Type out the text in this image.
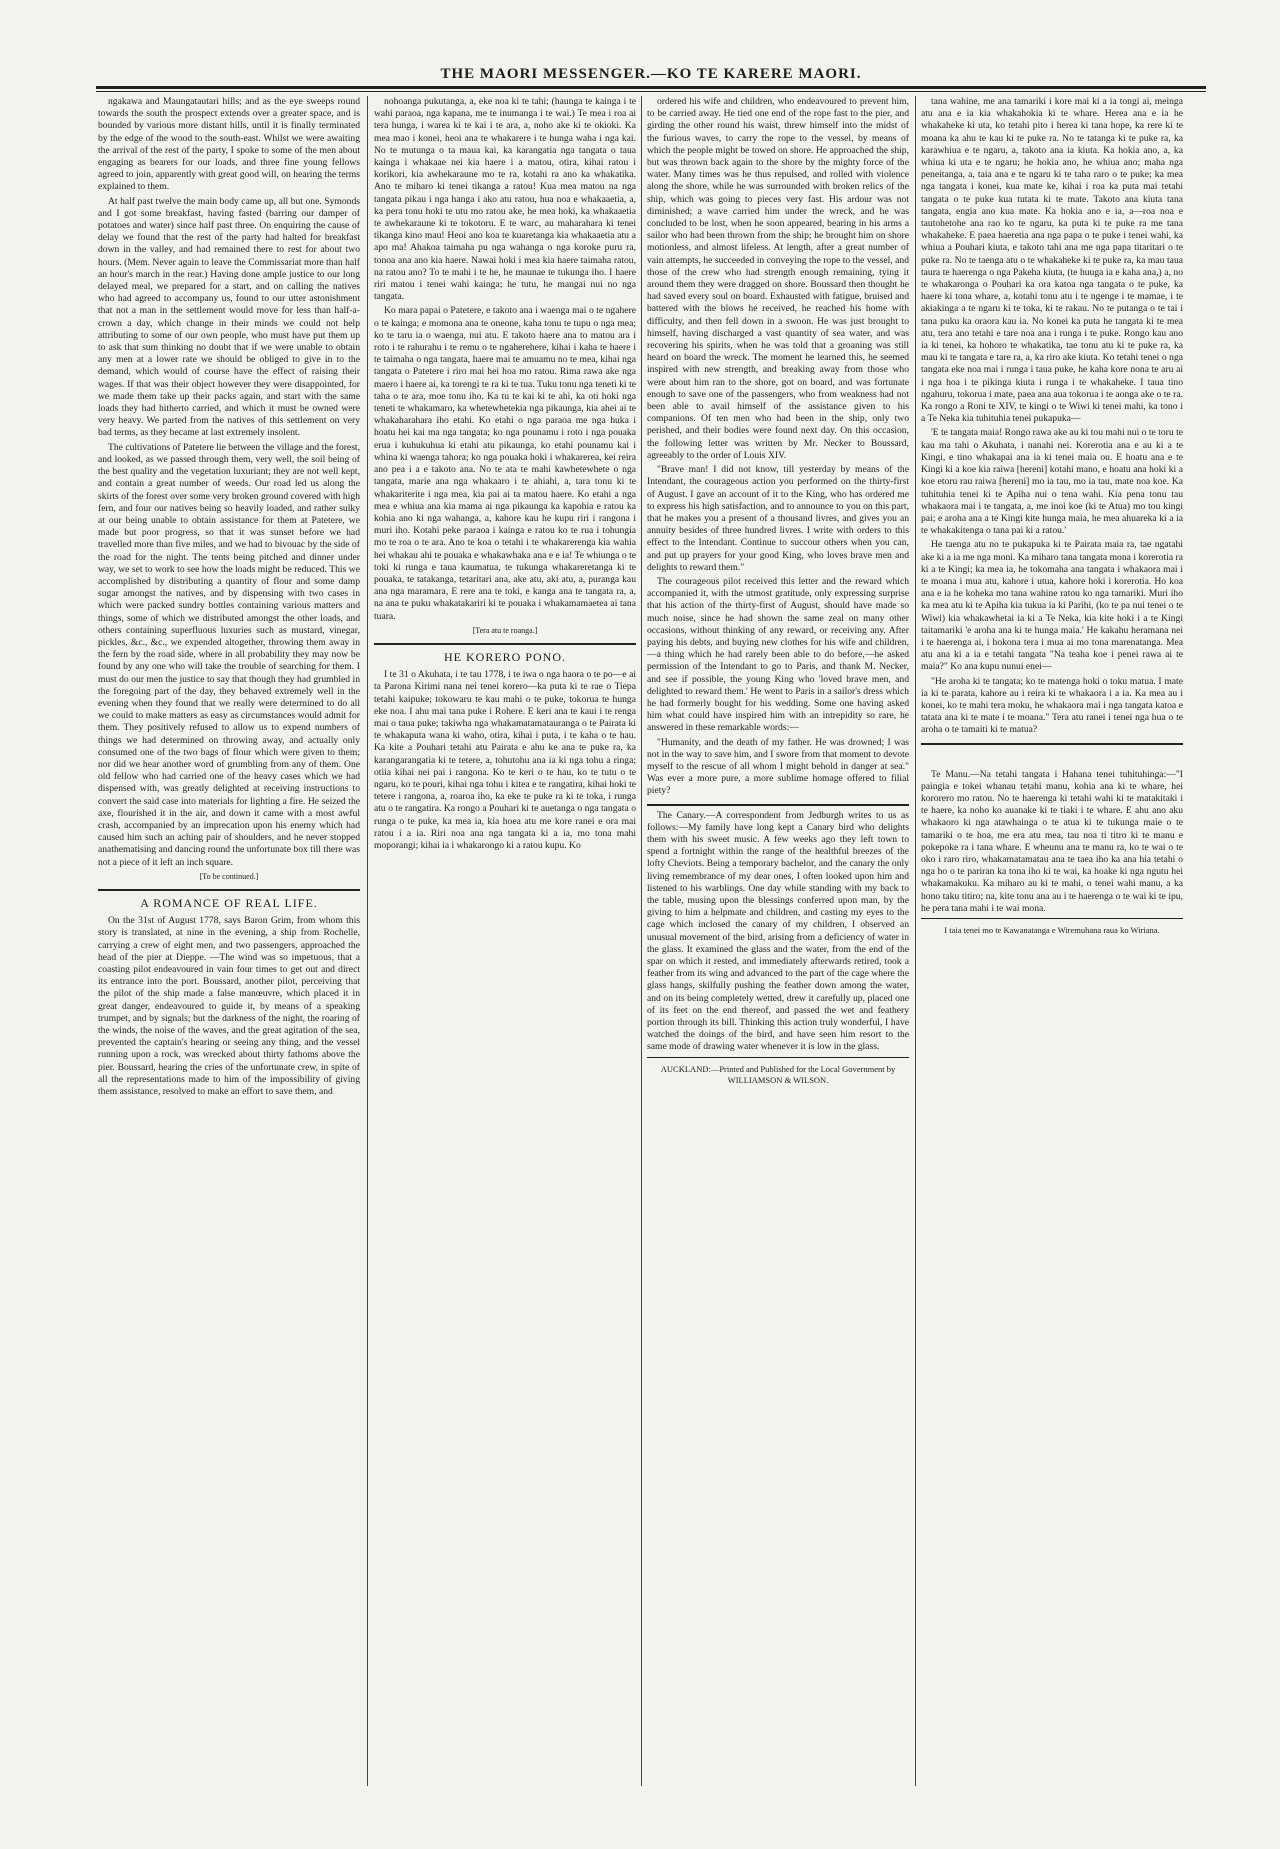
THE MAORI MESSENGER.—KO TE KARERE MAORI.

ngakawa and Maungatautari hills; and as the eye sweeps round towards the south the prospect extends over a greater space, and is bounded by various more distant hills, until it is finally terminated by the edge of the wood to the south-east. Whilst we were awaiting the arrival of the rest of the party, I spoke to some of the men about engaging as bearers for our loads, and three fine young fellows agreed to join, apparently with great good will, on hearing the terms explained to them.

At half past twelve the main body came up, all but one. Symonds and I got some breakfast, having fasted (barring our damper of potatoes and water) since half past three. On enquiring the cause of delay we found that the rest of the party had halted for breakfast down in the valley, and had remained there to rest for about two hours. (Mem. Never again to leave the Commissariat more than half an hour's march in the rear.) Having done ample justice to our long delayed meal, we prepared for a start, and on calling the natives who had agreed to accompany us, found to our utter astonishment that not a man in the settlement would move for less than half-a-crown a day, which change in their minds we could not help attributing to some of our own people, who must have put them up to ask that sum thinking no doubt that if we were unable to obtain any men at a lower rate we should be obliged to give in to the demand, which would of course have the effect of raising their wages. If that was their object however they were disappointed, for we made them take up their packs again, and start with the same loads they had hitherto carried, and which it must be owned were very heavy. We parted from the natives of this settlement on very bad terms, as they became at last extremely insolent.

The cultivations of Patetere lie between the village and the forest, and looked, as we passed through them, very well, the soil being of the best quality and the vegetation luxuriant; they are not well kept, and contain a great number of weeds. Our road led us along the skirts of the forest over some very broken ground covered with high fern, and four our natives being so heavily loaded, and rather sulky at our being unable to obtain assistance for them at Patetere, we made but poor progress, so that it was sunset before we had travelled more than five miles, and we had to bivouac by the side of the road for the night. The tents being pitched and dinner under way, we set to work to see how the loads might be reduced. This we accomplished by distributing a quantity of flour and some damp sugar amongst the natives, and by dispensing with two cases in which were packed sundry bottles containing various matters and things, some of which we distributed amongst the other loads, and others containing superfluous luxuries such as mustard, vinegar, pickles, &c., &c., we expended altogether, throwing them away in the fern by the road side, where in all probability they may now be found by any one who will take the trouble of searching for them. I must do our men the justice to say that though they had grumbled in the foregoing part of the day, they behaved extremely well in the evening when they found that we really were determined to do all we could to make matters as easy as circumstances would admit for them. They positively refused to allow us to expend numbers of things we had determined on throwing away, and actually only consumed one of the two bags of flour which were given to them; nor did we hear another word of grumbling from any of them. One old fellow who had carried one of the heavy cases which we had dispensed with, was greatly delighted at receiving instructions to convert the said case into materials for lighting a fire. He seized the axe, flourished it in the air, and down it came with a most awful crash, accompanied by an imprecation upon his enemy which had caused him such an aching pair of shoulders, and he never stopped anathematising and dancing round the unfortunate box till there was not a piece of it left an inch square.

[To be continued.]
A ROMANCE OF REAL LIFE.

On the 31st of August 1778, says Baron Grim, from whom this story is translated, at nine in the evening, a ship from Rochelle, carrying a crew of eight men, and two passengers, approached the head of the pier at Dieppe. —The wind was so impetuous, that a coasting pilot endeavoured in vain four times to get out and direct its entrance into the port. Boussard, another pilot, perceiving that the pilot of the ship made a false manœuvre, which placed it in great danger, endeavoured to guide it, by means of a speaking trumpet, and by signals; but the darkness of the night, the roaring of the winds, the noise of the waves, and the great agitation of the sea, prevented the captain's hearing or seeing any thing, and the vessel running upon a rock, was wrecked about thirty fathoms above the pier. Boussard, hearing the cries of the unfortunate crew, in spite of all the representations made to him of the impossibility of giving them assistance, resolved to make an effort to save them, and

nohoanga pukutanga, a, eke noa ki te tahi; (haunga te kainga i te wahi paraoa, nga kapana, me te inumanga i te wai.) Te mea i roa ai tera hunga, i warea ki te kai i te ara, a, noho ake ki te okioki. Ka mea mao i konei, heoi ana te whakarere i te hunga waha i nga kai. No te mutunga o ta maua kai, ka karangatia nga tangata o taua kainga i whakaae nei kia haere i a matou, otira, kihai ratou i korikori, kia awhekaraune mo te ra, kotahi ra ano ka whakatika. Ano te miharo ki tenei tikanga a ratou! Kua mea matou na nga tangata pikau i nga hanga i ako atu ratou, hua noa e whakaaetia, a, ka pera tonu hoki te utu mo ratou ake, he mea hoki, ka whakaaetia te awhekaraune ki te tokotoru. E te warc, au maharahara ki tenei tikanga kino mau! Heoi ano koa te kuaretanga kia whakaaetia atu a apo ma! Ahakoa taimaha pu nga wahanga o nga koroke puru ra, tonoa ana ano kia haere. Nawai hoki i mea kia haere taimaha ratou, na ratou ano? To te mahi i te he, he maunae te tukunga iho. I haere riri matou i tenei wahi kainga; he tutu, he mangai nui no nga tangata.

Ko mara papai o Patetere, e takoto ana i waenga mai o te ngahere o te kainga; e momona ana te oneone, kaha tonu te tupu o nga mea; ko te taru ia o waenga, nui atu. E takoto haere ana to matou ara i roto i te rahurahu i te remu o te ngaherehere, kihai i kaha te haere i te taimaha o nga tangata, haere mai te amuamu no te mea, kihai nga tangata o Patetere i riro mai hei hoa mo ratou. Rima rawa ake nga maero i haere ai, ka torengi te ra ki te tua. Tuku tonu nga teneti ki te taha o te ara, moe tonu iho. Ka tu te kai ki te ahi, ka oti hoki nga teneti te whakamaro, ka whetewhetekia nga pikaunga, kia ahei ai te whakaharahara iho etahi. Ko etahi o nga paraoa me nga huka i hoatu hei kai ma nga tangata; ko nga pounamu i roto i nga pouaka erua i kuhukuhua ki etahi atu pikaunga, ko etahi pounamu kai i whina ki waenga tahora; ko nga pouaka hoki i whakarerea, kei reira ano pea i a e takoto ana. No te ata te mahi kawhetewhete o nga tangata, marie ana nga whakaaro i te ahiahi, a, tara tonu ki te whakariterite i nga mea, kia pai ai ta matou haere. Ko etahi a nga mea e whiua ana kia mama ai nga pikaunga ka kapohia e ratou ka kohia ano ki nga wahanga, a, kahore kau he kupu riri i rangona i muri iho. Kotahi peke paraoa i kainga e ratou ko te rua i tohungia mo te roa o te ara. Ano te koa o tetahi i te whakarerenga kia wahia hei whakau ahi te pouaka e whakawhaka ana e e ia! Te whiunga o te toki ki runga e taua kaumatua, te tukunga whakareretanga ki te pouaka, te tatakanga, tetaritari ana, ake atu, aki atu, a, puranga kau ana nga maramara, E rere ana te toki, e kanga ana te tangata ra, a, na ana te puku whakatakariri ki te pouaka i whakamamaetea ai tana tuara.

[Tera atu te roanga.]
HE KORERO PONO.

I te 31 o Akuhata, i te tau 1778, i te iwa o nga haora o te po—e ai ta Parona Kirimi nana nei tenei korero—ka puta ki te rae o Tiepa tetahi kaipuke; tokowaru te kau mahi o te puke, tokorua te hunga eke noa. I ahu mai tana puke i Rohere. E keri ana te kaui i te renga mai o taua puke; takiwha nga whakamatamatauranga o te Pairata ki te whakaputa wana ki waho, otira, kihai i puta, i te kaha o te hau. Ka kite a Pouhari tetahi atu Pairata e ahu ke ana te puke ra, ka karangarangatia ki te tetere, a, tohutohu ana ia ki nga tohu a ringa; otiia kihai nei pai i rangona. Ko te keri o te hau, ko te tutu o te ngaru, ko te pouri, kihai nga tohu i kitea e te rangatira, kihai hoki te tetere i rangona, a, roaroa iho, ka eke te puke ra ki te toka, i runga atu o te rangatira. Ka rongo a Pouhari ki te auetanga o nga tangata o runga o te puke, ka mea ia, kia hoea atu me kore ranei e ora mai ratou i a ia. Riri noa ana nga tangata ki a ia, mo tona mahi moporangi; kihai ia i whakarongo ki a ratou kupu. Ko

ordered his wife and children, who endeavoured to prevent him, to be carried away. He tied one end of the rope fast to the pier, and girding the other round his waist, threw himself into the midst of the furious waves, to carry the rope to the vessel, by means of which the people might be towed on shore. He approached the ship, but was thrown back again to the shore by the mighty force of the water. Many times was he thus repulsed, and rolled with violence along the shore, while he was surrounded with broken relics of the ship, which was going to pieces very fast. His ardour was not diminished; a wave carried him under the wreck, and he was concluded to be lost, when he soon appeared, bearing in his arms a sailor who had been thrown from the ship; he brought him on shore motionless, and almost lifeless. At length, after a great number of vain attempts, he succeeded in conveying the rope to the vessel, and those of the crew who had strength enough remaining, tying it around them they were dragged on shore. Boussard then thought he had saved every soul on board. Exhausted with fatigue, bruised and battered with the blows he received, he reached his home with difficulty, and then fell down in a swoon. He was just brought to himself, having discharged a vast quantity of sea water, and was recovering his spirits, when he was told that a groaning was still heard on board the wreck. The moment he learned this, he seemed inspired with new strength, and breaking away from those who were about him ran to the shore, got on board, and was fortunate enough to save one of the passengers, who from weakness had not been able to avail himself of the assistance given to his companions. Of ten men who had been in the ship, only two perished, and their bodies were found next day. On this occasion, the following letter was written by Mr. Necker to Boussard, agreeably to the order of Louis XIV.

"Brave man! I did not know, till yesterday by means of the Intendant, the courageous action you performed on the thirty-first of August. I gave an account of it to the King, who has ordered me to express his high satisfaction, and to announce to you on this part, that he makes you a present of a thousand livres, and gives you an annuity besides of three hundred livres. I write with orders to this effect to the Intendant. Continue to succour others when you can, and put up prayers for your good King, who loves brave men and delights to reward them."

The courageous pilot received this letter and the reward which accompanied it, with the utmost gratitude, only expressing surprise that his action of the thirty-first of August, should have made so much noise, since he had shown the same zeal on many other occasions, without thinking of any reward, or receiving any. After paying his debts, and buying new clothes for his wife and children,—a thing which he had rarely been able to do before,—he asked permission of the Intendant to go to Paris, and thank M. Necker, and see if possible, the young King who 'loved brave men, and delighted to reward them.' He went to Paris in a sailor's dress which he had formerly bought for his wedding. Some one having asked him what could have inspired him with an intrepidity so rare, he answered in these remarkable words:—

"Humanity, and the death of my father. He was drowned; I was not in the way to save him, and I swore from that moment to devote myself to the rescue of all whom I might behold in danger at sea." Was ever a more pure, a more sublime homage offered to filial piety?

The Canary.—A correspondent from Jedburgh writes to us as follows:—My family have long kept a Canary bird who delights them with his sweet music. A few weeks ago they left town to spend a fortnight within the range of the healthful breezes of the lofty Cheviots. Being a temporary bachelor, and the canary the only living remembrance of my dear ones, I often looked upon him and listened to his warblings. One day while standing with my back to the table, musing upon the blessings conferred upon man, by the giving to him a helpmate and children, and casting my eyes to the cage which inclosed the canary of my children, I observed an unusual movement of the bird, arising from a deficiency of water in the glass. It examined the glass and the water, from the end of the spar on which it rested, and immediately afterwards retired, took a feather from its wing and advanced to the part of the cage where the glass hangs, skilfully pushing the feather down among the water, and on its being completely wetted, drew it carefully up, placed one of its feet on the end thereof, and passed the wet and feathery portion through its bill. Thinking this action truly wonderful, I have watched the doings of the bird, and have seen him resort to the same mode of drawing water whenever it is low in the glass.

AUCKLAND:—Printed and Published for the Local Government by WILLIAMSON & WILSON.

tana wahine, me ana tamariki i kore mai ki a ia tongi ai, meinga atu ana e ia kia whakahokia ki te whare. Herea ana e ia he whakaheke ki uta, ko tetahi pito i herea ki tana hope, ka rere ki te moana ka ahu te kau ki te puke ra. No te tatanga ki te puke ra, ka karawhiua e te ngaru, a, takoto ana ia kiuta. Ka hokia ano, a, ka whiua ki uta e te ngaru; he hokia ano, he whiua ano; maha nga peneitanga, a, taia ana e te ngaru ki te taha raro o te puke; ka mea nga tangata i konei, kua mate ke, kihai i roa ka puta mai tetahi tangata o te puke kua tutata ki te mate. Takoto ana kiuta tana tangata, engia ano kua mate. Ka hokia ano e ia, a—roa noa e tautohetohe ana rao ko te ngaru, ka puta ki te puke ra me tana whakaheke. E paea haeretia ana nga papa o te puke i tenei wahi, ka whiua a Pouhari kiuta, e takoto tahi ana me nga papa titaritari o te puke ra. No te taenga atu o te whakaheke ki te puke ra, ka mau taua taura te haerenga o nga Pakeha kiuta, (te huuga ia e kaha ana,) a, no te whakaronga o Pouhari ka ora katoa nga tangata o te puke, ka haere ki tona whare, a, kotahi tonu atu i te ngenge i te mamae, i te akiakinga a te ngaru ki te toka, ki te rakau. No te putanga o te tai i tana puku ka oraora kau ia. No konei ka puta he tangata ki te mea atu, tera ano tetahi e tare noa ana i runga i te puke. Rongo kau ano ia ki tenei, ka hohoro te whakatika, tae tonu atu ki te puke ra, ka mau ki te tangata e tare ra, a, ka riro ake kiuta. Ko tetahi tenei o nga tangata eke noa mai i runga i taua puke, he kaha kore nona te aru ai i nga hoa i te pikinga kiuta i runga i te whakaheke. I taua tino ngahuru, tokorua i mate, paea ana aua tokorua i te aonga ake o te ra. Ka rongo a Roni te XIV, te kingi o te Wiwi ki tenei mahi, ka tono i a Te Neka kia tuhituhia tenei pukapuka—

'E te tangata maia! Rongo rawa ake au ki tou mahi nui o te toru te kau ma tahi o Akuhata, i nanahi nei. Korerotia ana e au ki a te Kingi, e tino whakapai ana ia ki tenei maia ou. E hoatu ana e te Kingi ki a koe kia raiwa [hereni] kotahi mano, e hoatu ana hoki ki a koe etoru rau raiwa [hereni] mo ia tau, mo ia tau, mate noa koe. Ka tuhituhia tenei ki te Apiha nui o tena wahi. Kia pena tonu tau whakaora mai i te tangata, a, me inoi koe (ki te Atua) mo tou kingi pai; e aroha ana a te Kingi kite hunga maia, he mea ahuareka ki a ia te whakakitenga o tana pai ki a ratou.'

He taenga atu no te pukapuka ki te Pairata maia ra, tae ngatahi ake ki a ia me nga moni. Ka miharo tana tangata mona i korerotia ra ki a te Kingi; ka mea ia, he tokomaha ana tangata i whakaora mai i te moana i mua atu, kahore i utua, kahore hoki i korerotia. Ho koa ana e ia he koheka mo tana wahine ratou ko nga tamariki. Muri iho ka mea atu ki te Apiha kia tukua ia ki Parihi, (ko te pa nui tenei o te Wiwi) kia whakawhetai ia ki a Te Neka, kia kite hoki i a te Kingi taitamariki 'e aroha ana ki te hunga maia.' He kakahu heramana nei i te haerenga ai, i hokona tera i mua ai mo tona marenatanga. Mea atu ana ki a ia e tetahi tangata "Na teaha koe i penei rawa ai te maia?" Ko ana kupu nunui enei—

"He aroha ki te tangata; ko te matenga hoki o toku matua. I mate ia ki te parata, kahore au i reira ki te whakaora i a ia. Ka mea au i konei, ko te mahi tera moku, he whakaora mai i nga tangata katoa e tatata ana ki te mate i te moana." Tera atu ranei i tenei nga hua o te aroha o te tamaiti ki te matua?

Te Manu.—Na tetahi tangata i Hahana tenei tuhituhinga:—"I paingia e tokei whanau tetahi manu, kohia ana ki te whare, hei kororero mo ratou. No te haerenga ki tetahi wahi ki te matakitaki i te haere, ka noho ko auanake ki te tiaki i te whare. E ahu ano aku whakaoro ki nga atawhainga o te atua ki te tukunga maie o te tamariki o te hoa, me era atu mea, tau noa ti titro ki te manu e pokepoke ra i tana whare. E wheunu ana te manu ra, ko te wai o te oko i raro riro, whakamatamatau ana te taea iho ka ana hia tetahi o nga ho o te pariran ka tona iho ki te wai, ka hoake ki nga ngutu hei whakamakuku. Ka miharo au ki te mahi, o tenei wahi manu, a ka hono taku titiro; na, kite tonu ana au i te haerenga o te wai ki te ipu, he pera tana mahi i te wai mona.

I taia tenei mo te Kawanatanga e Wiremuhana raua ko Wiriana.
